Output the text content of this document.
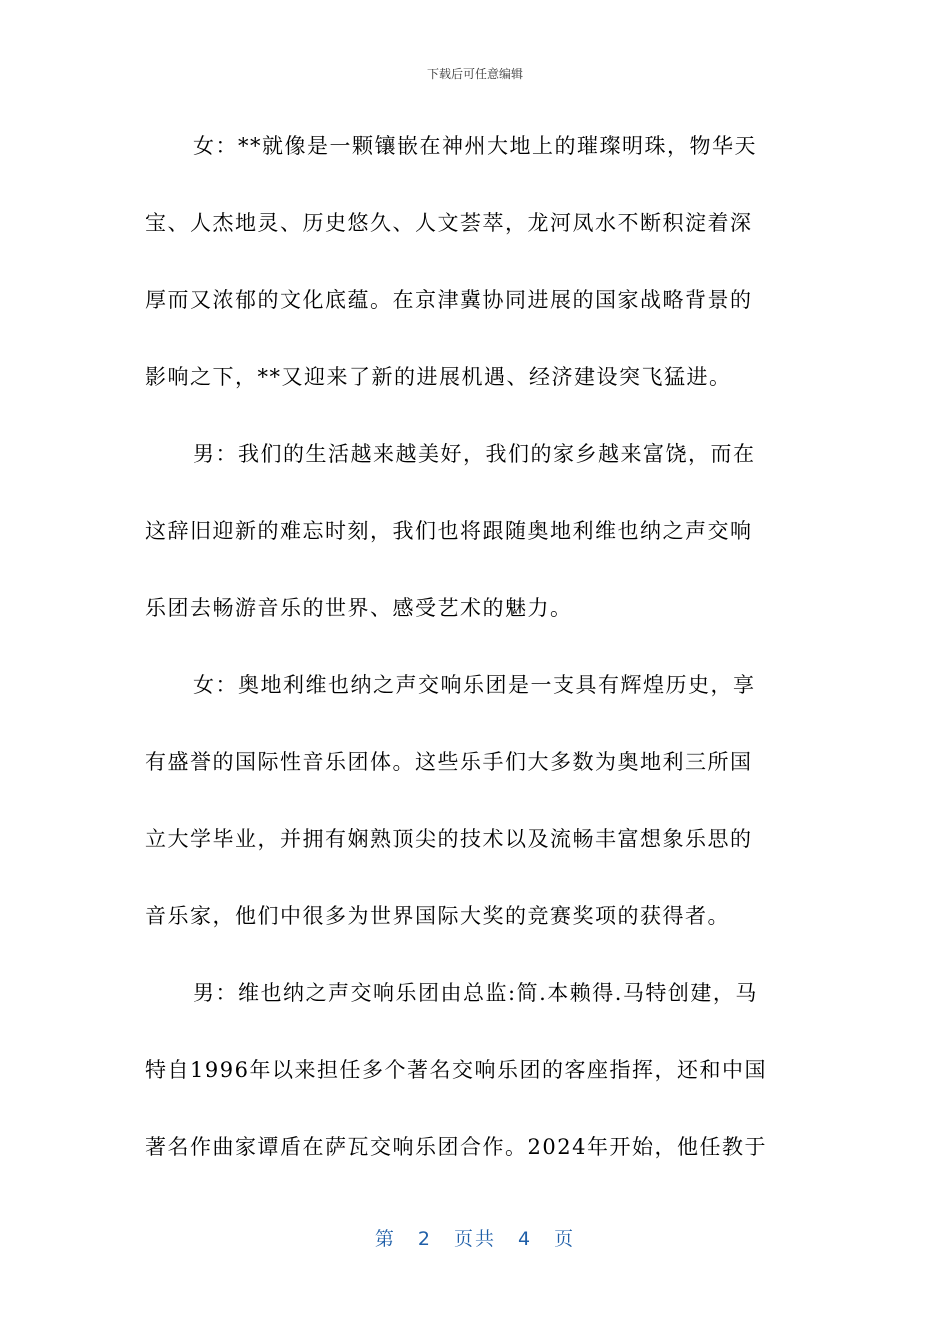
下载后可任意编辑
女：**就像是一颗镶嵌在神州大地上的璀璨明珠，物华天
宝、人杰地灵、历史悠久、人文荟萃，龙河凤水不断积淀着深
厚而又浓郁的文化底蕴。在京津冀协同进展的国家战略背景的
影响之下，**又迎来了新的进展机遇、经济建设突飞猛进。
男：我们的生活越来越美好，我们的家乡越来富饶，而在
这辞旧迎新的难忘时刻，我们也将跟随奥地利维也纳之声交响
乐团去畅游音乐的世界、感受艺术的魅力。
女：奥地利维也纳之声交响乐团是一支具有辉煌历史，享
有盛誉的国际性音乐团体。这些乐手们大多数为奥地利三所国
立大学毕业，并拥有娴熟顶尖的技术以及流畅丰富想象乐思的
音乐家，他们中很多为世界国际大奖的竞赛奖项的获得者。
男：维也纳之声交响乐团由总监:简.本赖得.马特创建，马
特自1996年以来担任多个著名交响乐团的客座指挥，还和中国
著名作曲家谭盾在萨瓦交响乐团合作。2024年开始，他任教于
第 2 页共 4 页
